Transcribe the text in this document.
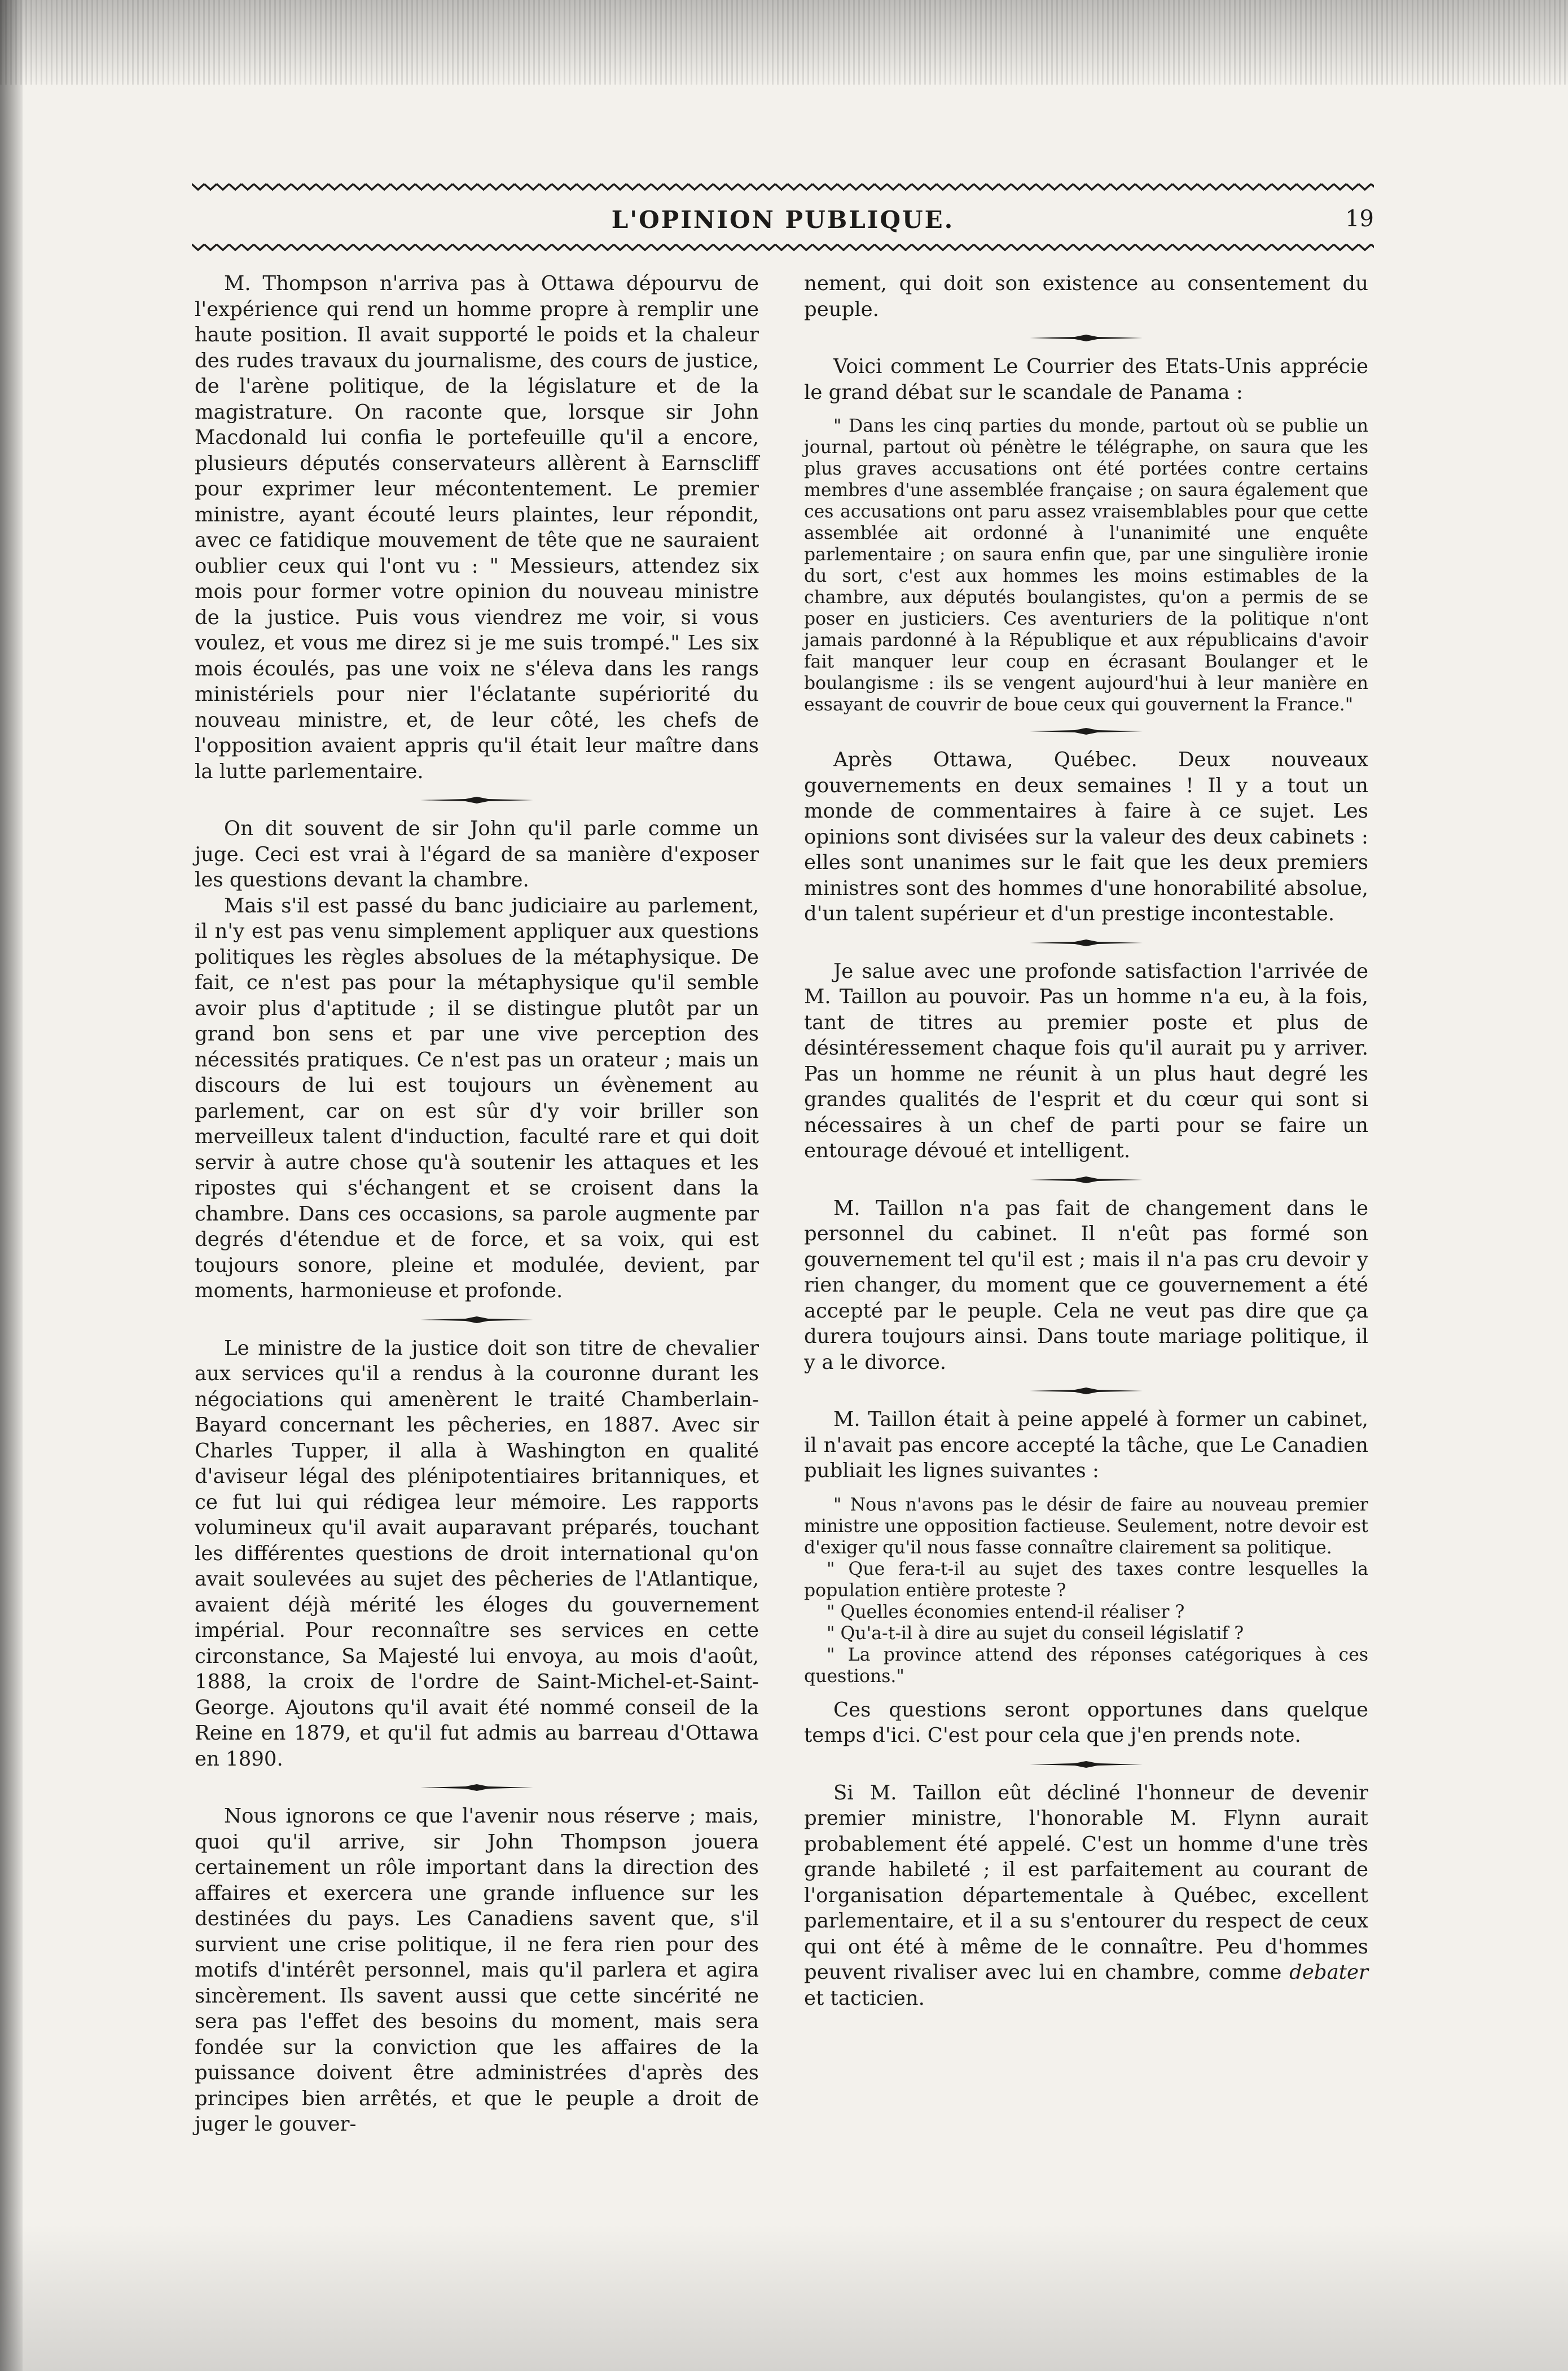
L'OPINION PUBLIQUE.	19

M. Thompson n'arriva pas à Ottawa dépourvu de l'expérience qui rend un homme propre à remplir une haute position. Il avait supporté le poids et la chaleur des rudes travaux du journalisme, des cours de justice, de l'arène politique, de la législature et de la magistrature. On raconte que, lorsque sir John Macdonald lui confia le portefeuille qu'il a encore, plusieurs députés conservateurs allèrent à Earnscliff pour exprimer leur mécontentement. Le premier ministre, ayant écouté leurs plaintes, leur répondit, avec ce fatidique mouvement de tête que ne sauraient oublier ceux qui l'ont vu : " Messieurs, attendez six mois pour former votre opinion du nouveau ministre de la justice. Puis vous viendrez me voir, si vous voulez, et vous me direz si je me suis trompé." Les six mois écoulés, pas une voix ne s'éleva dans les rangs ministériels pour nier l'éclatante supériorité du nouveau ministre, et, de leur côté, les chefs de l'opposition avaient appris qu'il était leur maître dans la lutte parlementaire.

On dit souvent de sir John qu'il parle comme un juge. Ceci est vrai à l'égard de sa manière d'exposer les questions devant la chambre.

Mais s'il est passé du banc judiciaire au parlement, il n'y est pas venu simplement appliquer aux questions politiques les règles absolues de la métaphysique. De fait, ce n'est pas pour la métaphysique qu'il semble avoir plus d'aptitude ; il se distingue plutôt par un grand bon sens et par une vive perception des nécessités pratiques. Ce n'est pas un orateur ; mais un discours de lui est toujours un évènement au parlement, car on est sûr d'y voir briller son merveilleux talent d'induction, faculté rare et qui doit servir à autre chose qu'à soutenir les attaques et les ripostes qui s'échangent et se croisent dans la chambre. Dans ces occasions, sa parole augmente par degrés d'étendue et de force, et sa voix, qui est toujours sonore, pleine et modulée, devient, par moments, harmonieuse et profonde.

Le ministre de la justice doit son titre de chevalier aux services qu'il a rendus à la couronne durant les négociations qui amenèrent le traité Chamberlain-Bayard concernant les pêcheries, en 1887. Avec sir Charles Tupper, il alla à Washington en qualité d'aviseur légal des plénipotentiaires britanniques, et ce fut lui qui rédigea leur mémoire. Les rapports volumineux qu'il avait auparavant préparés, touchant les différentes questions de droit international qu'on avait soulevées au sujet des pêcheries de l'Atlantique, avaient déjà mérité les éloges du gouvernement impérial. Pour reconnaître ses services en cette circonstance, Sa Majesté lui envoya, au mois d'août, 1888, la croix de l'ordre de Saint-Michel-et-Saint-George. Ajoutons qu'il avait été nommé conseil de la Reine en 1879, et qu'il fut admis au barreau d'Ottawa en 1890.

Nous ignorons ce que l'avenir nous réserve ; mais, quoi qu'il arrive, sir John Thompson jouera certainement un rôle important dans la direction des affaires et exercera une grande influence sur les destinées du pays. Les Canadiens savent que, s'il survient une crise politique, il ne fera rien pour des motifs d'intérêt personnel, mais qu'il parlera et agira sincèrement. Ils savent aussi que cette sincérité ne sera pas l'effet des besoins du moment, mais sera fondée sur la conviction que les affaires de la puissance doivent être administrées d'après des principes bien arrêtés, et que le peuple a droit de juger le gouver-

nement, qui doit son existence au consentement du peuple.

Voici comment Le Courrier des Etats-Unis apprécie le grand débat sur le scandale de Panama :

" Dans les cinq parties du monde, partout où se publie un journal, partout où pénètre le télégraphe, on saura que les plus graves accusations ont été portées contre certains membres d'une assemblée française ; on saura également que ces accusations ont paru assez vraisemblables pour que cette assemblée ait ordonné à l'unanimité une enquête parlementaire ; on saura enfin que, par une singulière ironie du sort, c'est aux hommes les moins estimables de la chambre, aux députés boulangistes, qu'on a permis de se poser en justiciers. Ces aventuriers de la politique n'ont jamais pardonné à la République et aux républicains d'avoir fait manquer leur coup en écrasant Boulanger et le boulangisme : ils se vengent aujourd'hui à leur manière en essayant de couvrir de boue ceux qui gouvernent la France."

Après Ottawa, Québec. Deux nouveaux gouvernements en deux semaines ! Il y a tout un monde de commentaires à faire à ce sujet. Les opinions sont divisées sur la valeur des deux cabinets : elles sont unanimes sur le fait que les deux premiers ministres sont des hommes d'une honorabilité absolue, d'un talent supérieur et d'un prestige incontestable.

Je salue avec une profonde satisfaction l'arrivée de M. Taillon au pouvoir. Pas un homme n'a eu, à la fois, tant de titres au premier poste et plus de désintéressement chaque fois qu'il aurait pu y arriver. Pas un homme ne réunit à un plus haut degré les grandes qualités de l'esprit et du cœur qui sont si nécessaires à un chef de parti pour se faire un entourage dévoué et intelligent.

M. Taillon n'a pas fait de changement dans le personnel du cabinet. Il n'eût pas formé son gouvernement tel qu'il est ; mais il n'a pas cru devoir y rien changer, du moment que ce gouvernement a été accepté par le peuple. Cela ne veut pas dire que ça durera toujours ainsi. Dans toute mariage politique, il y a le divorce.

M. Taillon était à peine appelé à former un cabinet, il n'avait pas encore accepté la tâche, que Le Canadien publiait les lignes suivantes :

" Nous n'avons pas le désir de faire au nouveau premier ministre une opposition factieuse. Seulement, notre devoir est d'exiger qu'il nous fasse connaître clairement sa politique.

" Que fera-t-il au sujet des taxes contre lesquelles la population entière proteste ?

" Quelles économies entend-il réaliser ?

" Qu'a-t-il à dire au sujet du conseil législatif ?

" La province attend des réponses catégoriques à ces questions."

Ces questions seront opportunes dans quelque temps d'ici. C'est pour cela que j'en prends note.

Si M. Taillon eût décliné l'honneur de devenir premier ministre, l'honorable M. Flynn aurait probablement été appelé. C'est un homme d'une très grande habileté ; il est parfaitement au courant de l'organisation départementale à Québec, excellent parlementaire, et il a su s'entourer du respect de ceux qui ont été à même de le connaître. Peu d'hommes peuvent rivaliser avec lui en chambre, comme debater et tacticien.
